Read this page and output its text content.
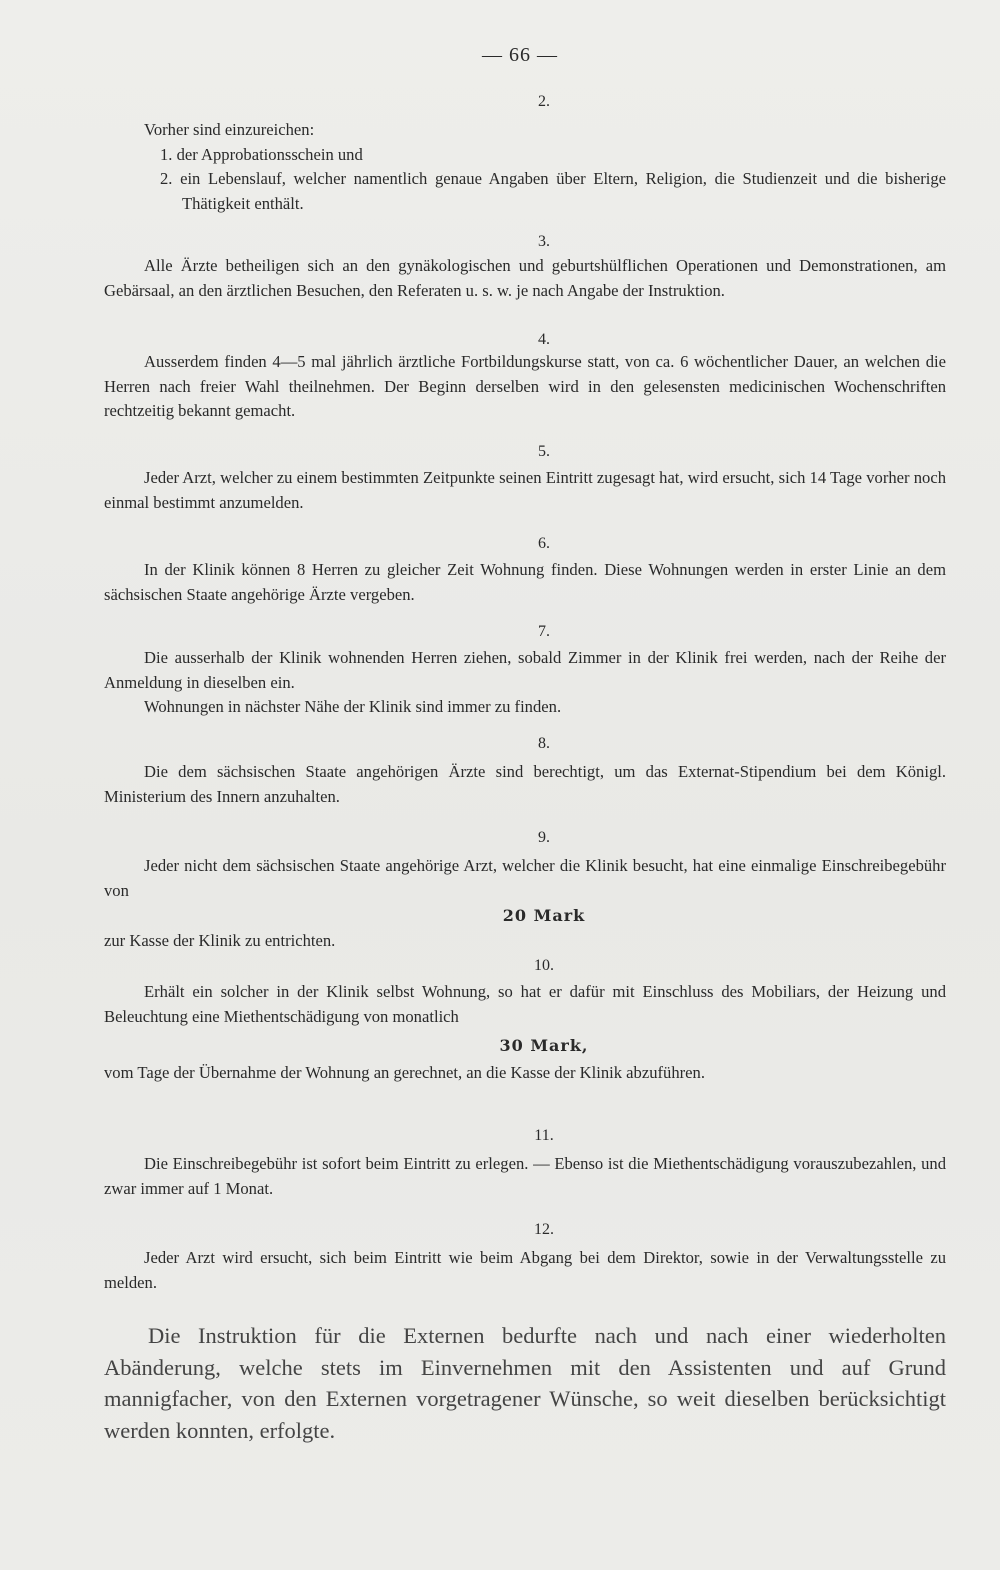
— 66 —
2.

Vorher sind einzureichen:

1. der Approbationsschein und
2. ein Lebenslauf, welcher namentlich genaue Angaben über Eltern, Religion, die Studienzeit und die bisherige Thätigkeit enthält.
3.

Alle Ärzte betheiligen sich an den gynäkologischen und geburtshülflichen Operationen und Demonstrationen, am Gebärsaal, an den ärztlichen Besuchen, den Referaten u. s. w. je nach Angabe der Instruktion.

4.

Ausserdem finden 4—5 mal jährlich ärztliche Fortbildungskurse statt, von ca. 6 wöchentlicher Dauer, an welchen die Herren nach freier Wahl theilnehmen. Der Beginn derselben wird in den gelesensten medicinischen Wochenschriften rechtzeitig bekannt gemacht.

5.

Jeder Arzt, welcher zu einem bestimmten Zeitpunkte seinen Eintritt zugesagt hat, wird ersucht, sich 14 Tage vorher noch einmal bestimmt anzumelden.

6.

In der Klinik können 8 Herren zu gleicher Zeit Wohnung finden. Diese Wohnungen werden in erster Linie an dem sächsischen Staate angehörige Ärzte vergeben.

7.

Die ausserhalb der Klinik wohnenden Herren ziehen, sobald Zimmer in der Klinik frei werden, nach der Reihe der Anmeldung in dieselben ein.

Wohnungen in nächster Nähe der Klinik sind immer zu finden.

8.

Die dem sächsischen Staate angehörigen Ärzte sind berechtigt, um das Externat-Stipendium bei dem Königl. Ministerium des Innern anzuhalten.

9.

Jeder nicht dem sächsischen Staate angehörige Arzt, welcher die Klinik besucht, hat eine einmalige Einschreibegebühr von

20 Mark

zur Kasse der Klinik zu entrichten.

10.

Erhält ein solcher in der Klinik selbst Wohnung, so hat er dafür mit Einschluss des Mobiliars, der Heizung und Beleuchtung eine Miethentschädigung von monatlich

30 Mark,

vom Tage der Übernahme der Wohnung an gerechnet, an die Kasse der Klinik abzuführen.

11.

Die Einschreibegebühr ist sofort beim Eintritt zu erlegen. — Ebenso ist die Miethentschädigung vorauszubezahlen, und zwar immer auf 1 Monat.

12.

Jeder Arzt wird ersucht, sich beim Eintritt wie beim Abgang bei dem Direktor, sowie in der Verwaltungsstelle zu melden.

Die Instruktion für die Externen bedurfte nach und nach einer wiederholten Abänderung, welche stets im Einvernehmen mit den Assistenten und auf Grund mannigfacher, von den Externen vorgetragener Wünsche, so weit dieselben berücksichtigt werden konnten, erfolgte.
